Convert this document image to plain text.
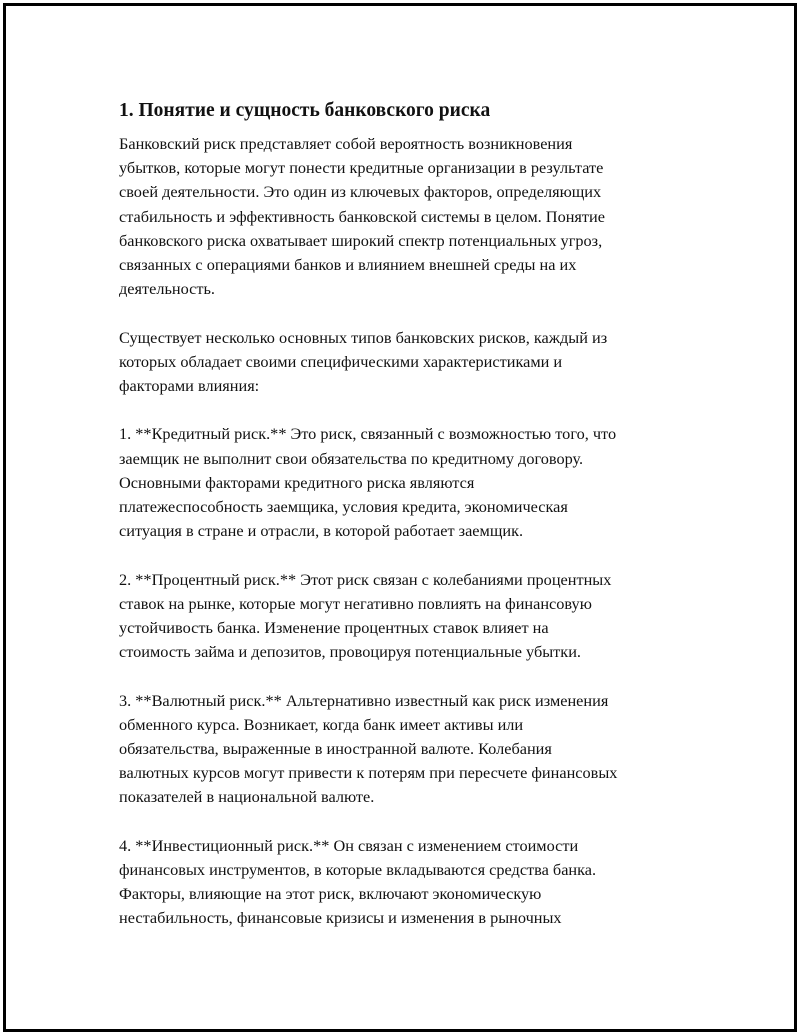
1. Понятие и сущность банковского риска
Банковский риск представляет собой вероятность возникновения
убытков, которые могут понести кредитные организации в результате
своей деятельности. Это один из ключевых факторов, определяющих
стабильность и эффективность банковской системы в целом. Понятие
банковского риска охватывает широкий спектр потенциальных угроз,
связанных с операциями банков и влиянием внешней среды на их
деятельность.
Существует несколько основных типов банковских рисков, каждый из
которых обладает своими специфическими характеристиками и
факторами влияния:
1. **Кредитный риск.** Это риск, связанный с возможностью того, что
заемщик не выполнит свои обязательства по кредитному договору.
Основными факторами кредитного риска являются
платежеспособность заемщика, условия кредита, экономическая
ситуация в стране и отрасли, в которой работает заемщик.
2. **Процентный риск.** Этот риск связан с колебаниями процентных
ставок на рынке, которые могут негативно повлиять на финансовую
устойчивость банка. Изменение процентных ставок влияет на
стоимость займа и депозитов, провоцируя потенциальные убытки.
3. **Валютный риск.** Альтернативно известный как риск изменения
обменного курса. Возникает, когда банк имеет активы или
обязательства, выраженные в иностранной валюте. Колебания
валютных курсов могут привести к потерям при пересчете финансовых
показателей в национальной валюте.
4. **Инвестиционный риск.** Он связан с изменением стоимости
финансовых инструментов, в которые вкладываются средства банка.
Факторы, влияющие на этот риск, включают экономическую
нестабильность, финансовые кризисы и изменения в рыночных
